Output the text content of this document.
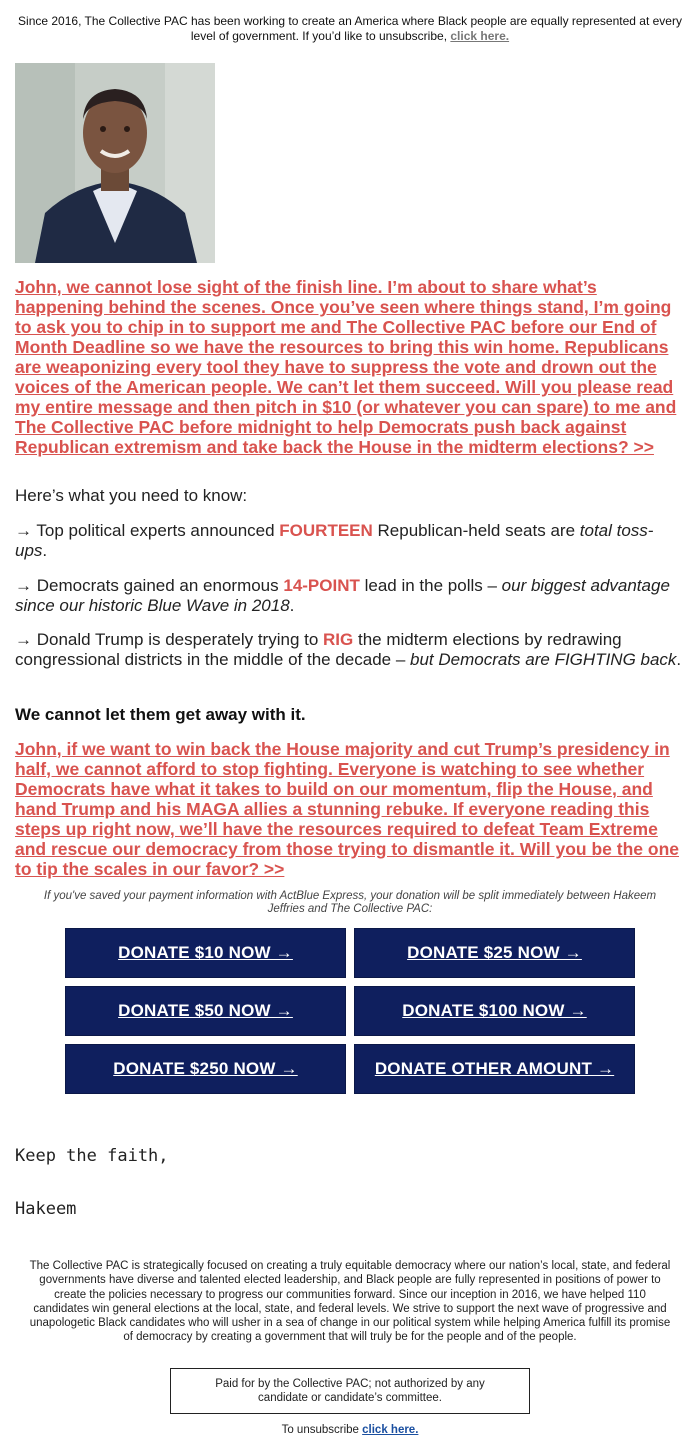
Since 2016, The Collective PAC has been working to create an America where Black people are equally represented at every level of government. If you’d like to unsubscribe, click here.
John, we cannot lose sight of the finish line. I’m about to share what’s happening behind the scenes. Once you’ve seen where things stand, I’m going to ask you to chip in to support me and The Collective PAC before our End of Month Deadline so we have the resources to bring this win home. Republicans are weaponizing every tool they have to suppress the vote and drown out the voices of the American people. We can’t let them succeed. Will you please read my entire message and then pitch in $10 (or whatever you can spare) to me and The Collective PAC before midnight to help Democrats push back against Republican extremism and take back the House in the midterm elections? >>
Here’s what you need to know:
→ Top political experts announced FOURTEEN Republican-held seats are total toss-ups.
→ Democrats gained an enormous 14-POINT lead in the polls – our biggest advantage since our historic Blue Wave in 2018.
→ Donald Trump is desperately trying to RIG the midterm elections by redrawing congressional districts in the middle of the decade – but Democrats are FIGHTING back.
We cannot let them get away with it.
John, if we want to win back the House majority and cut Trump’s presidency in half, we cannot afford to stop fighting. Everyone is watching to see whether Democrats have what it takes to build on our momentum, flip the House, and hand Trump and his MAGA allies a stunning rebuke. If everyone reading this steps up right now, we’ll have the resources required to defeat Team Extreme and rescue our democracy from those trying to dismantle it. Will you be the one to tip the scales in our favor? >>
If you've saved your payment information with ActBlue Express, your donation will be split immediately between Hakeem Jeffries and The Collective PAC:
DONATE $10 NOW →	DONATE $25 NOW →
DONATE $50 NOW →	DONATE $100 NOW →
DONATE $250 NOW →	DONATE OTHER AMOUNT →
Keep the faith,
Hakeem
The Collective PAC is strategically focused on creating a truly equitable democracy where our nation’s local, state, and federal governments have diverse and talented elected leadership, and Black people are fully represented in positions of power to create the policies necessary to progress our communities forward. Since our inception in 2016, we have helped 110 candidates win general elections at the local, state, and federal levels. We strive to support the next wave of progressive and unapologetic Black candidates who will usher in a sea of change in our political system while helping America fulfill its promise of democracy by creating a government that will truly be for the people and of the people.
Paid for by the Collective PAC; not authorized by any candidate or candidate’s committee.
To unsubscribe click here.
